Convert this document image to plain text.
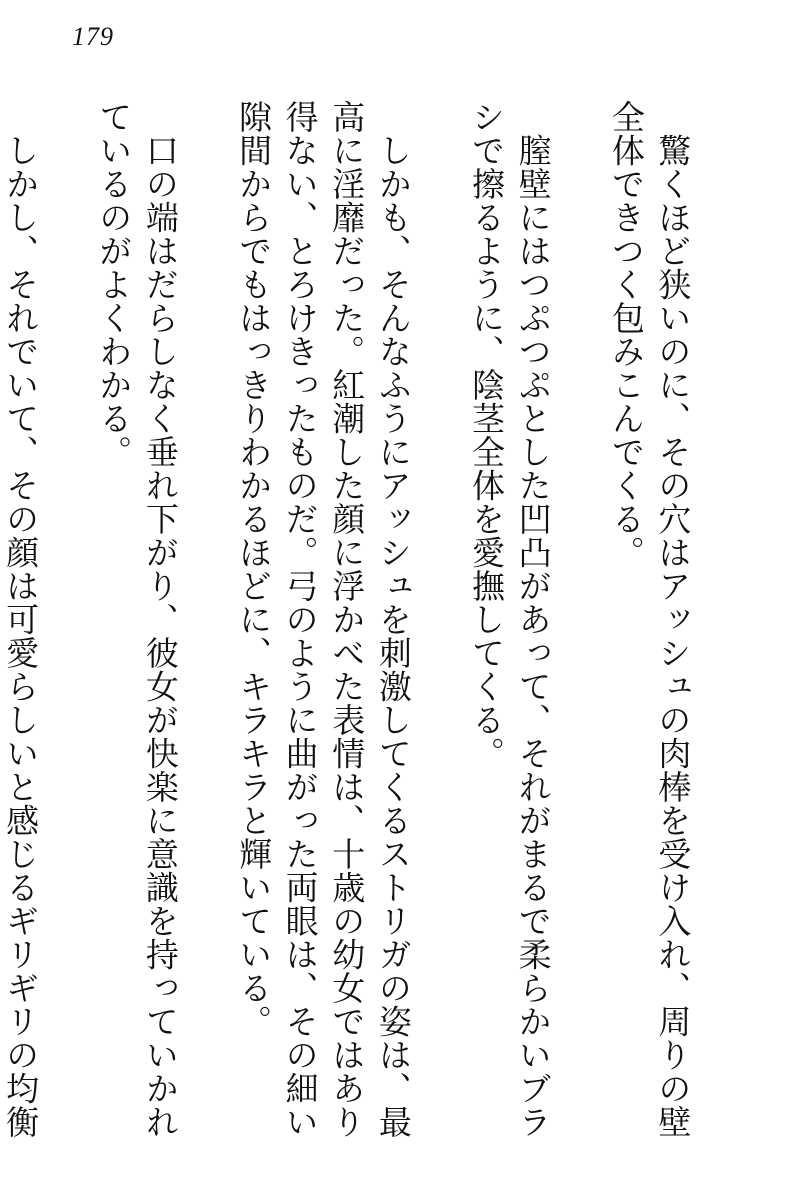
179

　驚くほど狭いのに、その穴はアッシュの肉棒を受け入れ、周りの壁全体できつく包みこんでくる。

　膣壁にはつぷつぷとした凹凸があって、それがまるで柔らかいブラシで擦るように、陰茎全体を愛撫してくる。

　しかも、そんなふうにアッシュを刺激してくるストリガの姿は、最高に淫靡だった。紅潮した顔に浮かべた表情は、十歳の幼女ではあり得ない、とろけきったものだ。弓のように曲がった両眼は、その細い隙間からでもはっきりわかるほどに、キラキラと輝いている。

　口の端はだらしなく垂れ下がり、彼女が快楽に意識を持っていかれているのがよくわかる。

　しかし、それでいて、その顔は可愛らしいと感じるギリギリの均衡
